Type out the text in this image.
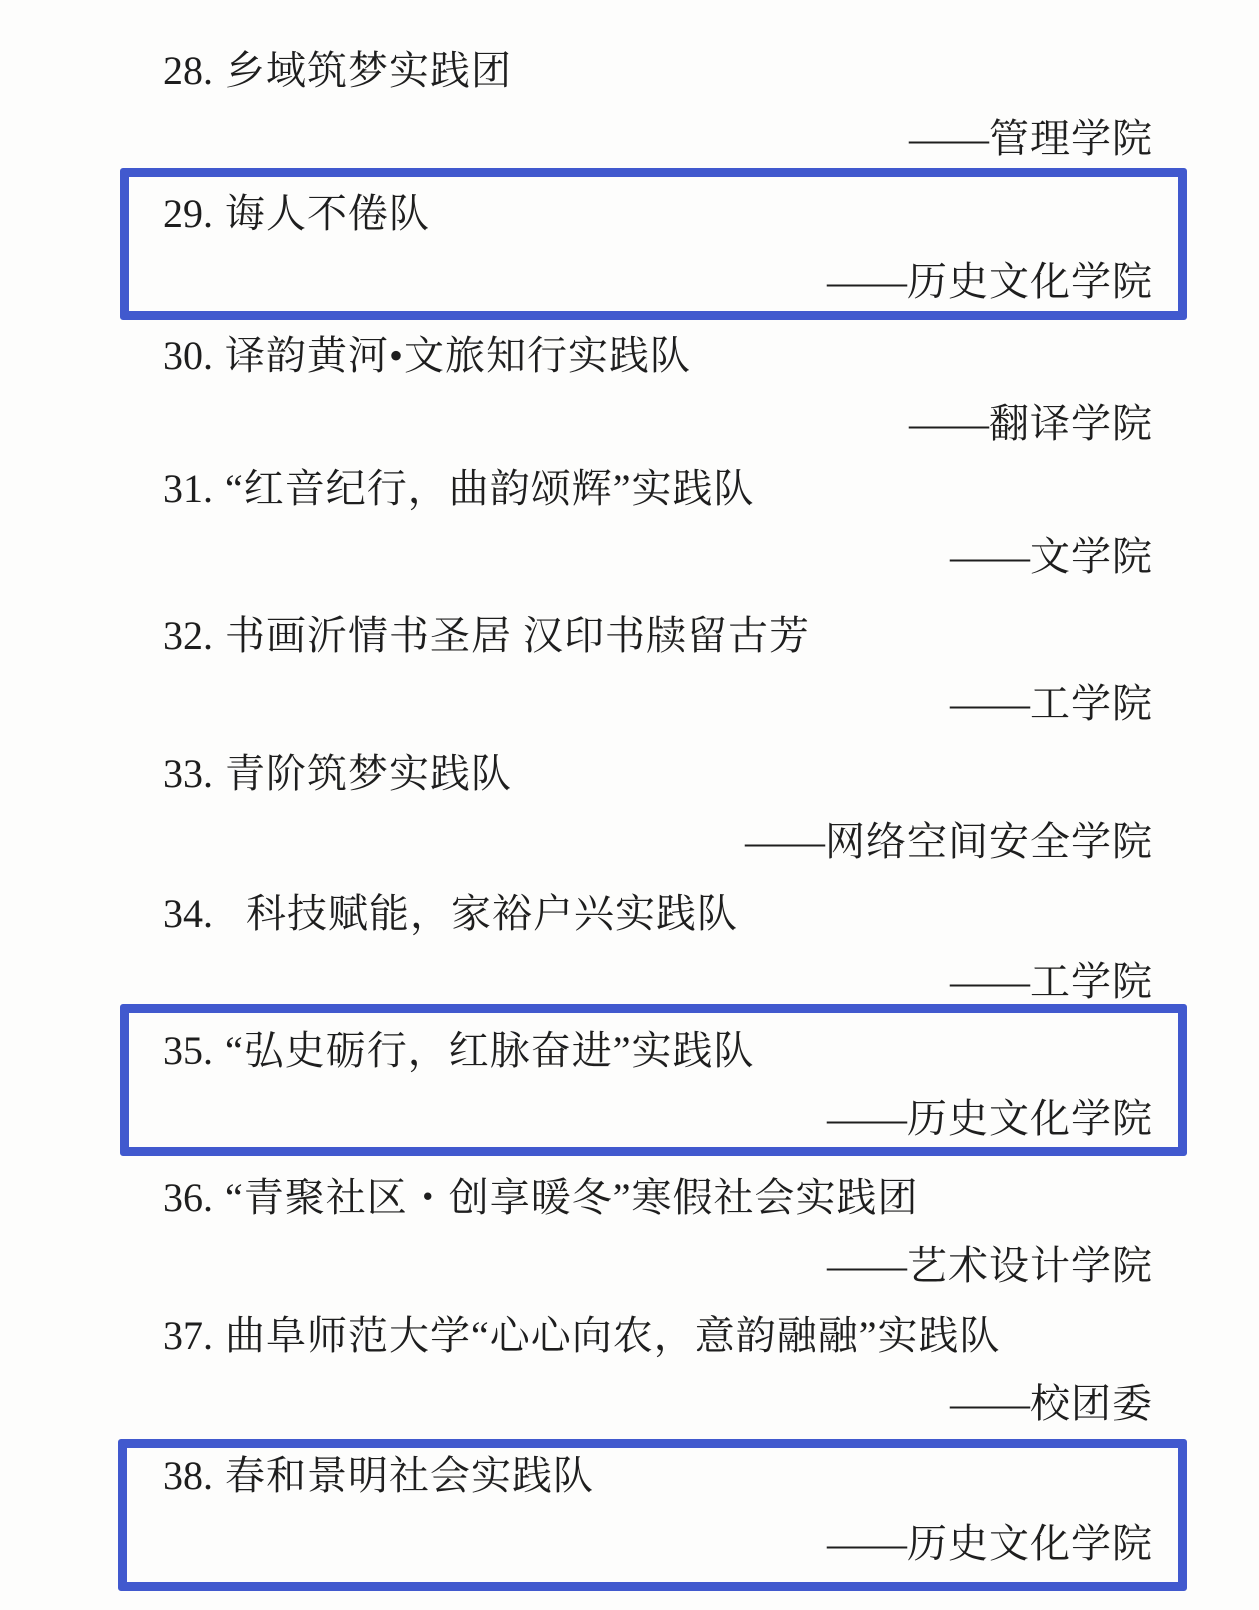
28. 乡域筑梦实践团
——管理学院
29. 诲人不倦队
——历史文化学院
30. 译韵黄河•文旅知行实践队
——翻译学院
31. “红音纪行，曲韵颂辉”实践队
——文学院
32. 书画沂情书圣居 汉印书牍留古芳
——工学院
33. 青阶筑梦实践队
——网络空间安全学院
34. 科技赋能，家裕户兴实践队
——工学院
35. “弘史砺行，红脉奋进”实践队
——历史文化学院
36. “青聚社区・创享暖冬”寒假社会实践团
——艺术设计学院
37. 曲阜师范大学“心心向农，意韵融融”实践队
——校团委
38. 春和景明社会实践队
——历史文化学院
